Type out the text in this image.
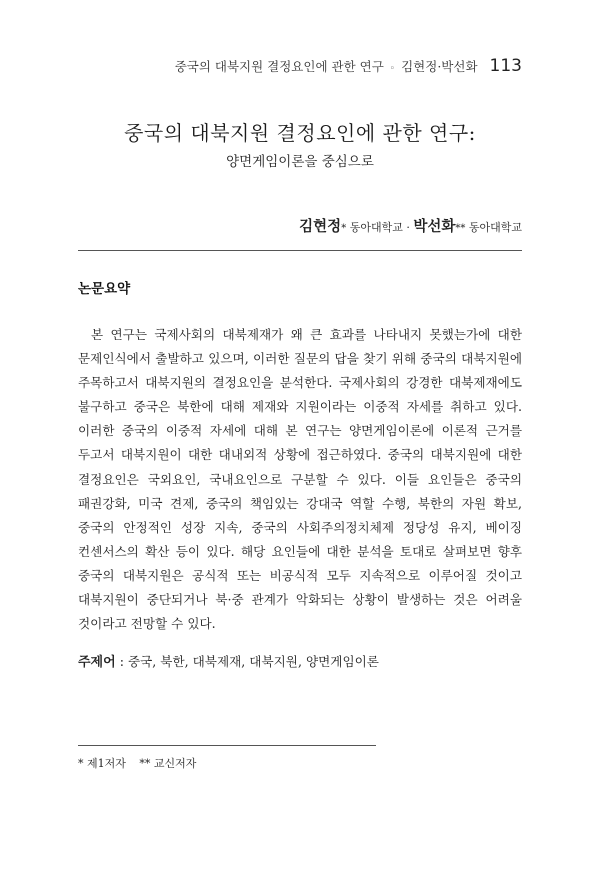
중국의 대북지원 결정요인에 관한 연구 ◦ 김현정·박선화 113
중국의 대북지원 결정요인에 관한 연구:
양면게임이론을 중심으로
김현정* 동아대학교 · 박선화** 동아대학교
논문요약
본 연구는 국제사회의 대북제재가 왜 큰 효과를 나타내지 못했는가에 대한 문제인식에서 출발하고 있으며, 이러한 질문의 답을 찾기 위해 중국의 대북지원에 주목하고서 대북지원의 결정요인을 분석한다. 국제사회의 강경한 대북제재에도 불구하고 중국은 북한에 대해 제재와 지원이라는 이중적 자세를 취하고 있다. 이러한 중국의 이중적 자세에 대해 본 연구는 양면게임이론에 이론적 근거를 두고서 대북지원이 대한 대내외적 상황에 접근하였다. 중국의 대북지원에 대한 결정요인은 국외요인, 국내요인으로 구분할 수 있다. 이들 요인들은 중국의 패권강화, 미국 견제, 중국의 책임있는 강대국 역할 수행, 북한의 자원 확보, 중국의 안정적인 성장 지속, 중국의 사회주의정치체제 정당성 유지, 베이징 컨센서스의 확산 등이 있다. 해당 요인들에 대한 분석을 토대로 살펴보면 향후 중국의 대북지원은 공식적 또는 비공식적 모두 지속적으로 이루어질 것이고 대북지원이 중단되거나 북·중 관계가 악화되는 상황이 발생하는 것은 어려울 것이라고 전망할 수 있다.
주제어 : 중국, 북한, 대북제재, 대북지원, 양면게임이론
* 제1저자 ** 교신저자
